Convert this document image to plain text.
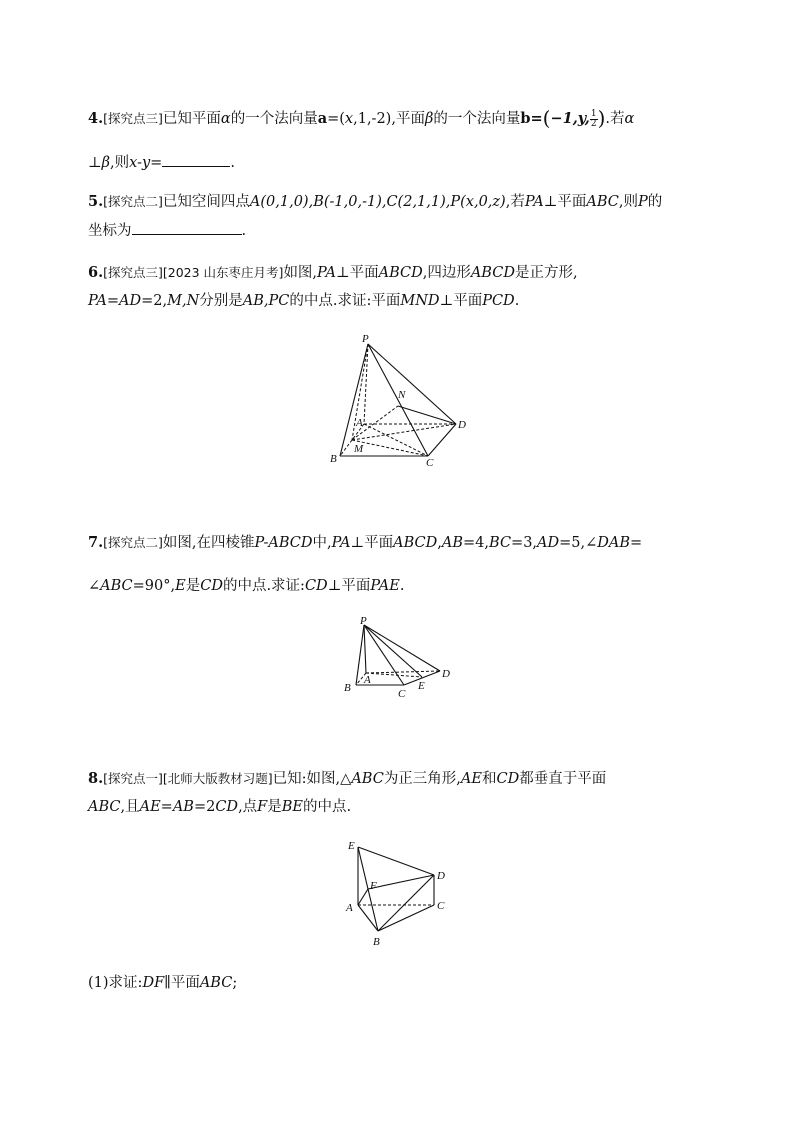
4.[探究点三]已知平面α的一个法向量a=(x,1,-2),平面β的一个法向量b=(−1,y, $\frac{1}{2}$ ).若α
⊥β,则x-y=	.
5.[探究点二]已知空间四点A(0,1,0),B(-1,0,-1),C(2,1,1),P(x,0,z),若PA⊥平面ABC,则P的
坐标为	.
6.[探究点三][2023 山东枣庄月考]如图,PA⊥平面ABCD,四边形ABCD是正方形,
PA=AD=2,M,N分别是AB,PC的中点.求证:平面MND⊥平面PCD.
P
N
A	D
M
B	C
7.[探究点二]如图,在四棱锥P-ABCD中,PA⊥平面ABCD,AB=4,BC=3,AD=5,∠DAB=
∠ABC=90°,E是CD的中点.求证:CD⊥平面PAE.
P
A	D
B	C
E
8.[探究点一][北师大版教材习题]已知:如图,△ABC为正三角形,AE和CD都垂直于平面
ABC,且AE=AB=2CD,点F是BE的中点.
E
D
F
A	C
B
(1)求证:DF∥平面ABC;
